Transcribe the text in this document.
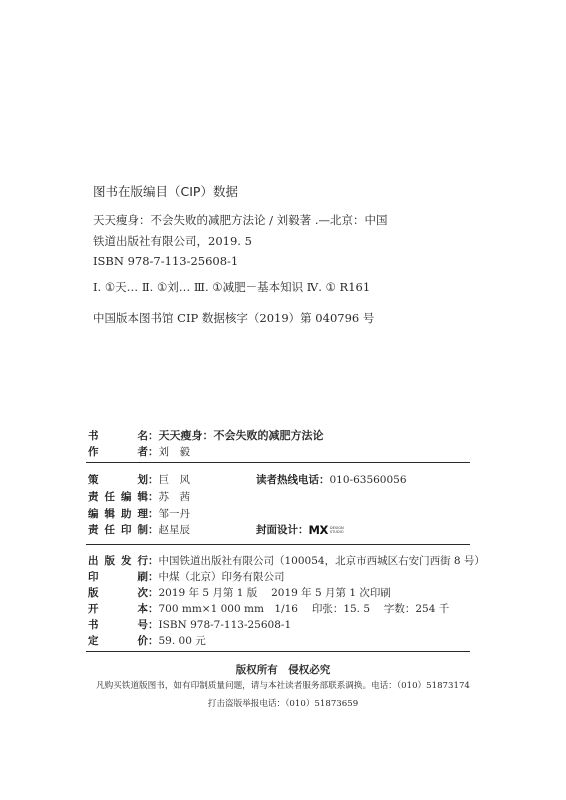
图书在版编目（CIP）数据
天天瘦身：不会失败的减肥方法论 / 刘毅著 .—北京：中国
铁道出版社有限公司，2019. 5
ISBN 978-7-113-25608-1
Ⅰ. ①天… Ⅱ. ①刘… Ⅲ. ①减肥－基本知识 Ⅳ. ① R161
中国版本图书馆 CIP 数据核字（2019）第 040796 号
书　　名：天天瘦身：不会失败的减肥方法论
作　　者：刘　毅
策　　划：巨　风	读者热线电话：010-63560056
责任编辑：苏　茜
编辑助理：邹一丹
责任印制：赵星辰	封面设计： MX DESIGN
STUDIO
出版发行：中国铁道出版社有限公司（100054，北京市西城区右安门西街 8 号）
印　　刷：中煤（北京）印务有限公司
版　　次：2019 年 5 月第 1 版　 2019 年 5 月第 1 次印刷
开　　本：700 mm×1 000 mm　1/16　 印张：15. 5　 字数：254 千
书　　号：ISBN 978-7-113-25608-1
定　　价：59. 00 元
版权所有　侵权必究
凡购买铁道版图书，如有印制质量问题，请与本社读者服务部联系调换。电话：（010）51873174
打击盗版举报电话：（010）51873659
